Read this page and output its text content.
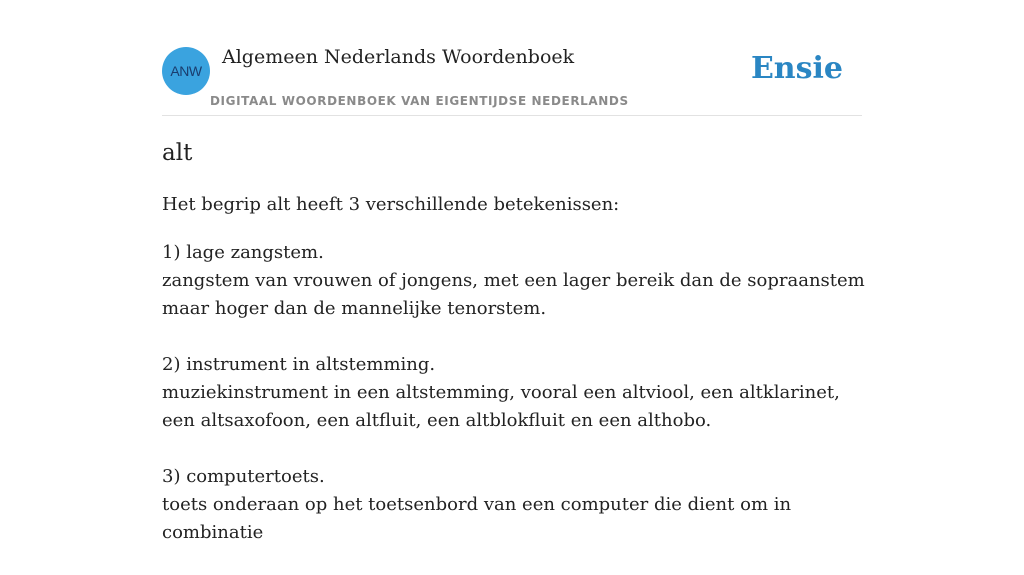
ANW
Algemeen Nederlands Woordenboek
DIGITAAL WOORDENBOEK VAN EIGENTIJDSE NEDERLANDS
Ensie
alt
Het begrip alt heeft 3 verschillende betekenissen:
1) lage zangstem.
zangstem van vrouwen of jongens, met een lager bereik dan de sopraanstem maar hoger dan de mannelijke tenorstem.
2) instrument in altstemming.
muziekinstrument in een altstemming, vooral een altviool, een altklarinet, een altsaxofoon, een altfluit, een altblokfluit en een althobo.
3) computertoets.
toets onderaan op het toetsenbord van een computer die dient om in combinatie
